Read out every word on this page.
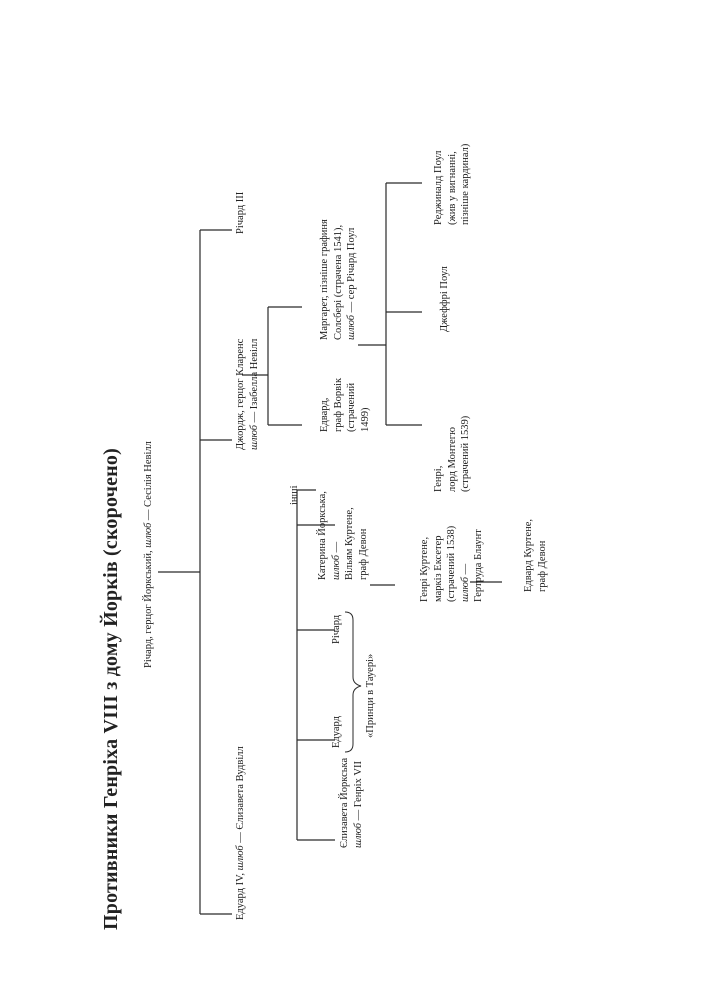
Противники Генріха VIII з дому Йорків (скорочено) Річард, герцог Йоркський, шлюб — Сесілія Невілл
Едуард IV, шлюб — Єлизавета Вудвілл
Джордж, герцог Кларенс шлюб — Ізабелла Невілл
Річард III
Єлизавета Йоркська шлюб — Генріх VII
Едуард
Річард
«Принци в Тауері»
Катерина Йоркська, шлюб — Вільям Куртене, граф Девон
інші
Генрі Куртене, маркіз Ексетер (страчений 1538) шлюб — Гертруда Блаунт	Едвард Куртене, граф Девон
Едвард, граф Ворвік (страчений 1499)
Маргарет, пізніше графиня Солсбері (страчена 1541), шлюб — сер Річард Поул
Генрі, лорд Монтегю (страчений 1539)
Джеффрі Поул
Реджиналд Поул (жив у вигнанні, пізніше кардинал)
